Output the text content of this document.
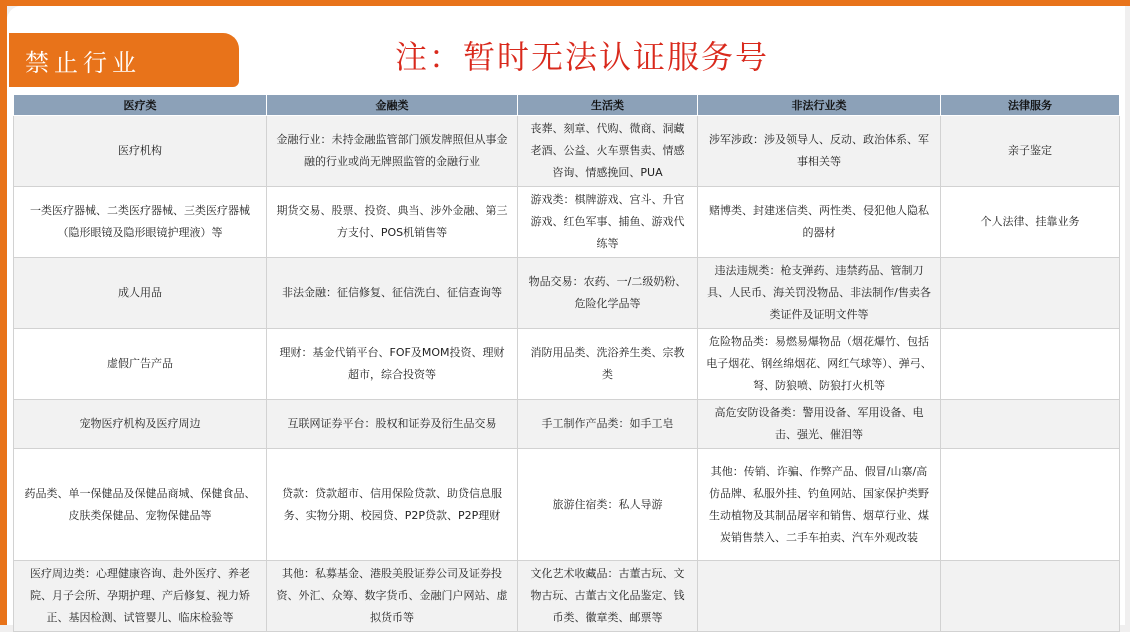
禁止行业	注：暂时无法认证服务号
医疗类	金融类	生活类	非法行业类	法律服务
医疗机构	金融行业：未持金融监管部门颁发牌照但从事金融的行业或尚无牌照监管的金融行业	丧葬、刻章、代购、微商、洞藏老酒、公益、火车票售卖、情感咨询、情感挽回、PUA	涉军涉政：涉及领导人、反动、政治体系、军事相关等	亲子鉴定
一类医疗器械、二类医疗器械、三类医疗器械（隐形眼镜及隐形眼镜护理液）等	期货交易、股票、投资、典当、涉外金融、第三方支付、POS机销售等	游戏类：棋牌游戏、宫斗、升官游戏、红色军事、捕鱼、游戏代练等	赌博类、封建迷信类、两性类、侵犯他人隐私的器材	个人法律、挂靠业务
成人用品	非法金融：征信修复、征信洗白、征信查询等	物品交易：农药、一/二级奶粉、危险化学品等	违法违规类：枪支弹药、违禁药品、管制刀具、人民币、海关罚没物品、非法制作/售卖各类证件及证明文件等	
虚假广告产品	理财：基金代销平台、FOF及MOM投资、理财超市，综合投资等	消防用品类、洗浴养生类、宗教类	危险物品类：易燃易爆物品（烟花爆竹、包括电子烟花、钢丝绵烟花、网红气球等）、弹弓、弩、防狼喷、防狼打火机等	
宠物医疗机构及医疗周边	互联网证券平台：股权和证券及衍生品交易	手工制作产品类：如手工皂	高危安防设备类：警用设备、军用设备、电击、强光、催泪等	
药品类、单一保健品及保健品商城、保健食品、皮肤类保健品、宠物保健品等	贷款：贷款超市、信用保险贷款、助贷信息服务、实物分期、校园贷、P2P贷款、P2P理财	旅游住宿类：私人导游	其他：传销、诈骗、作弊产品、假冒/山寨/高仿品牌、私服外挂、钓鱼网站、国家保护类野生动植物及其制品屠宰和销售、烟草行业、煤炭销售禁入、二手车拍卖、汽车外观改装	
医疗周边类：心理健康咨询、赴外医疗、养老院、月子会所、孕期护理、产后修复、视力矫正、基因检测、试管婴儿、临床检验等	其他：私募基金、港股美股证券公司及证券投资、外汇、众筹、数字货币、金融门户网站、虚拟货币等	文化艺术收藏品：古董古玩、文物古玩、古董古文化品鉴定、钱币类、徽章类、邮票等		
